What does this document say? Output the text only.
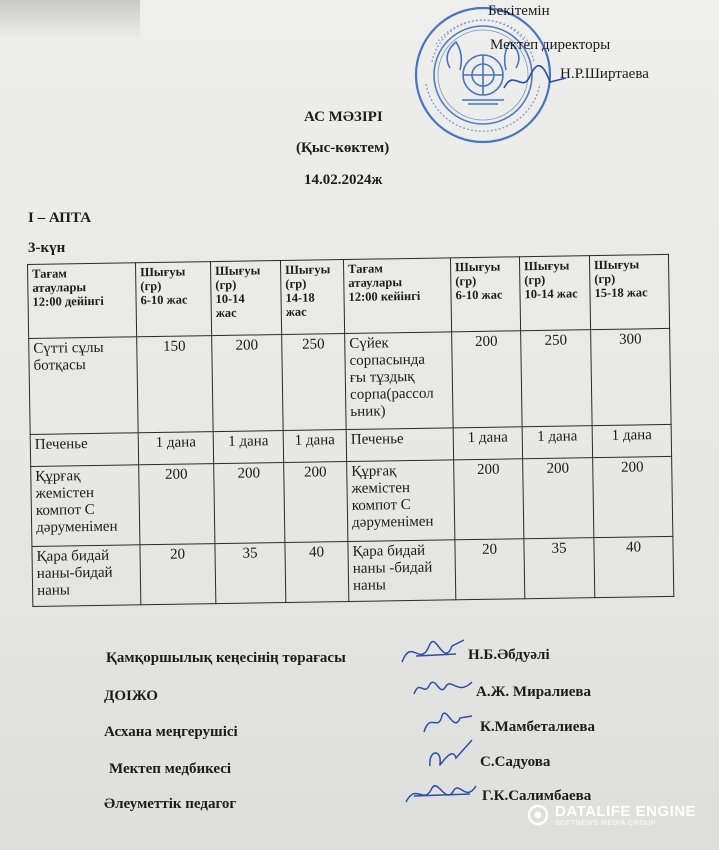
Бекітемін
Мектеп директоры
Н.Р.Ширтаева
АС МӘЗІРІ
(Қыс-көктем)
14.02.2024ж
I – АПТА
3-күн
Тағам
атаулары
12:00 дейінгі	Шығуы
(гр)
6-10 жас	Шығуы
(гр)
10-14
жас	Шығуы
(гр)
14-18
жас	Тағам
атаулары
12:00 кейінгі	Шығуы
(гр)
6-10 жас	Шығуы
(гр)
10-14 жас	Шығуы
(гр)
15-18 жас
Сүтті сұлы
ботқасы	150	200	250	Сүйек
сорпасында
ғы тұздық
сорпа(рассол
ьник)	200	250	300
Печенье	1 дана	1 дана	1 дана	Печенье	1 дана	1 дана	1 дана
Құрғақ
жемістен
компот С
дәруменімен	200	200	200	Құрғақ
жемістен
компот С
дәруменімен	200	200	200
Қара бидай
наны-бидай
наны	20	35	40	Қара бидай
наны -бидай
наны	20	35	40
Қамқоршылық кеңесінің төрағасы	Н.Б.Әбдуәлі
ДОІЖО	А.Ж. Миралиева
Асхана меңгерушісі	К.Мамбеталиева
Мектеп медбикесі	С.Садуова
Әлеуметтік педагог	Г.К.Салимбаева
DATALIFE ENGINE
SOFTNEWS MEDIA GROUP
